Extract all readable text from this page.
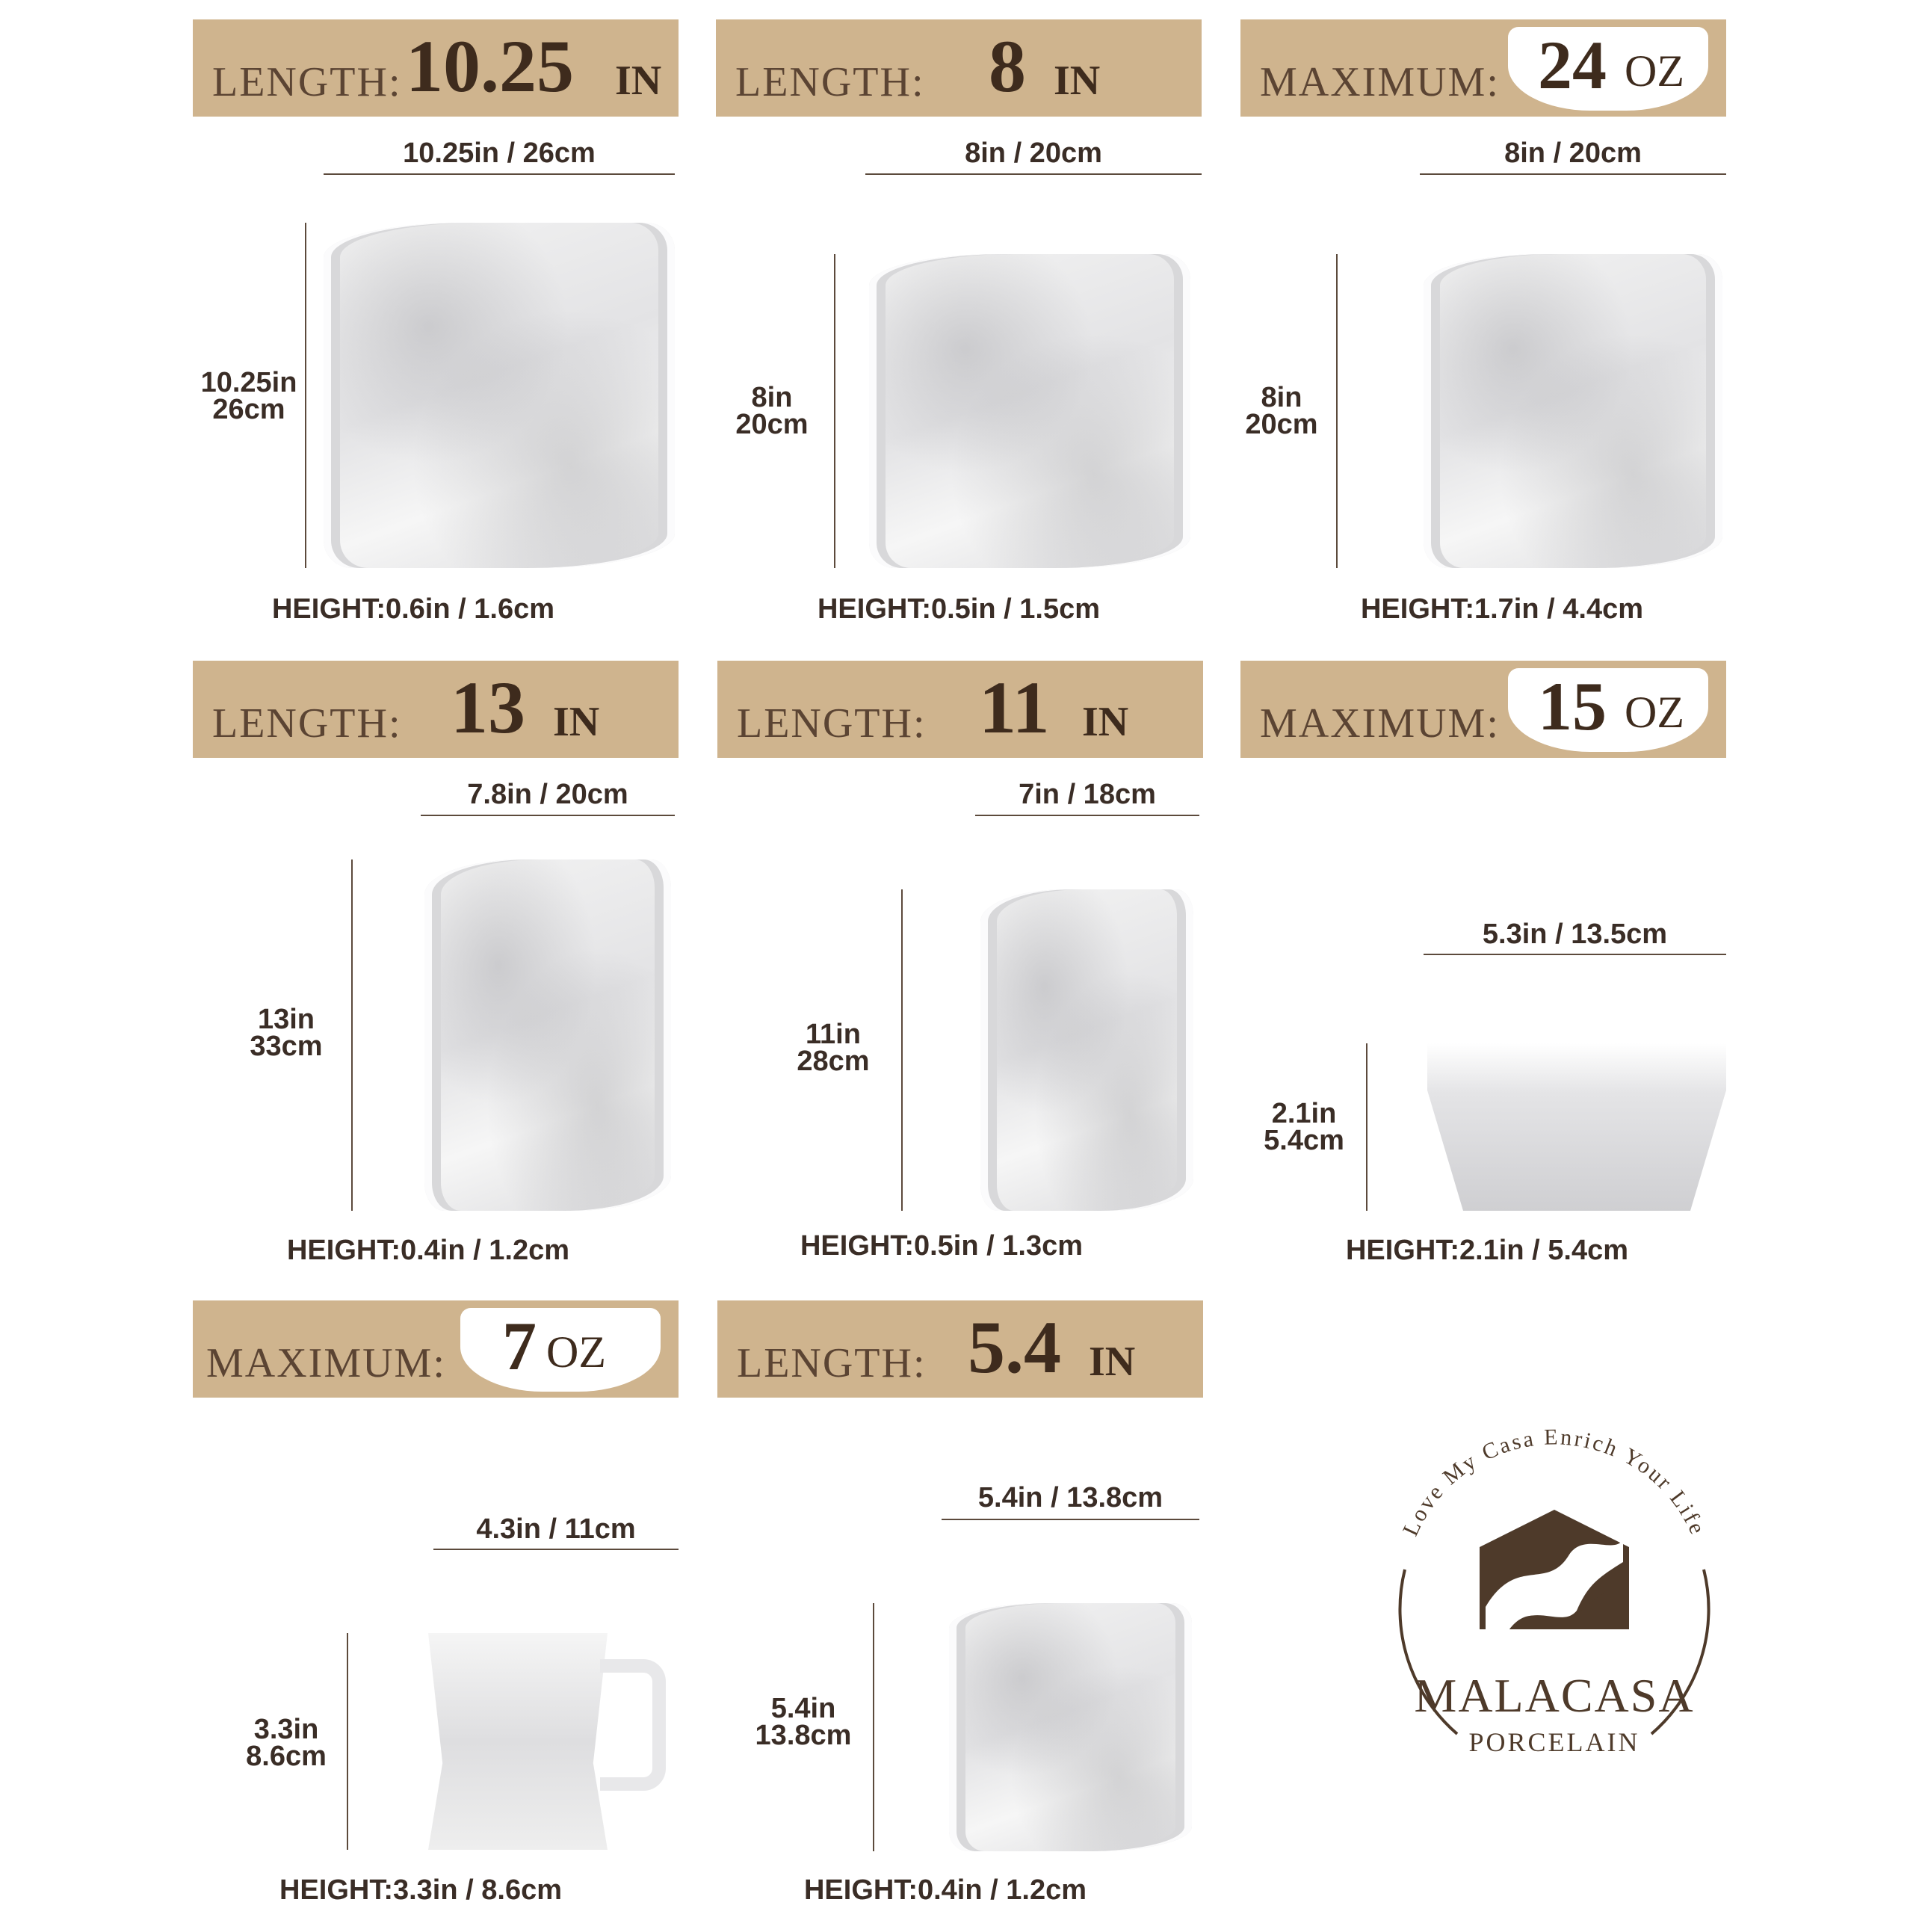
LENGTH: 10.25 IN
10.25in / 26cm
10.25in
26cm
HEIGHT:0.6in / 1.6cm
LENGTH: 8 IN
8in / 20cm
8in
20cm
HEIGHT:0.5in / 1.5cm
MAXIMUM: 24 OZ
8in / 20cm
8in
20cm
HEIGHT:1.7in / 4.4cm
LENGTH: 13 IN
7.8in / 20cm
13in
33cm
HEIGHT:0.4in / 1.2cm
LENGTH: 11 IN
7in / 18cm
11in
28cm
HEIGHT:0.5in / 1.3cm
MAXIMUM: 15 OZ
5.3in / 13.5cm
2.1in
5.4cm
HEIGHT:2.1in / 5.4cm
MAXIMUM: 7 OZ
4.3in / 11cm
3.3in
8.6cm
HEIGHT:3.3in / 8.6cm
LENGTH: 5.4 IN
5.4in / 13.8cm
5.4in
13.8cm
HEIGHT:0.4in / 1.2cm
Love My Casa Enrich Your Life
MALACASA
PORCELAIN
